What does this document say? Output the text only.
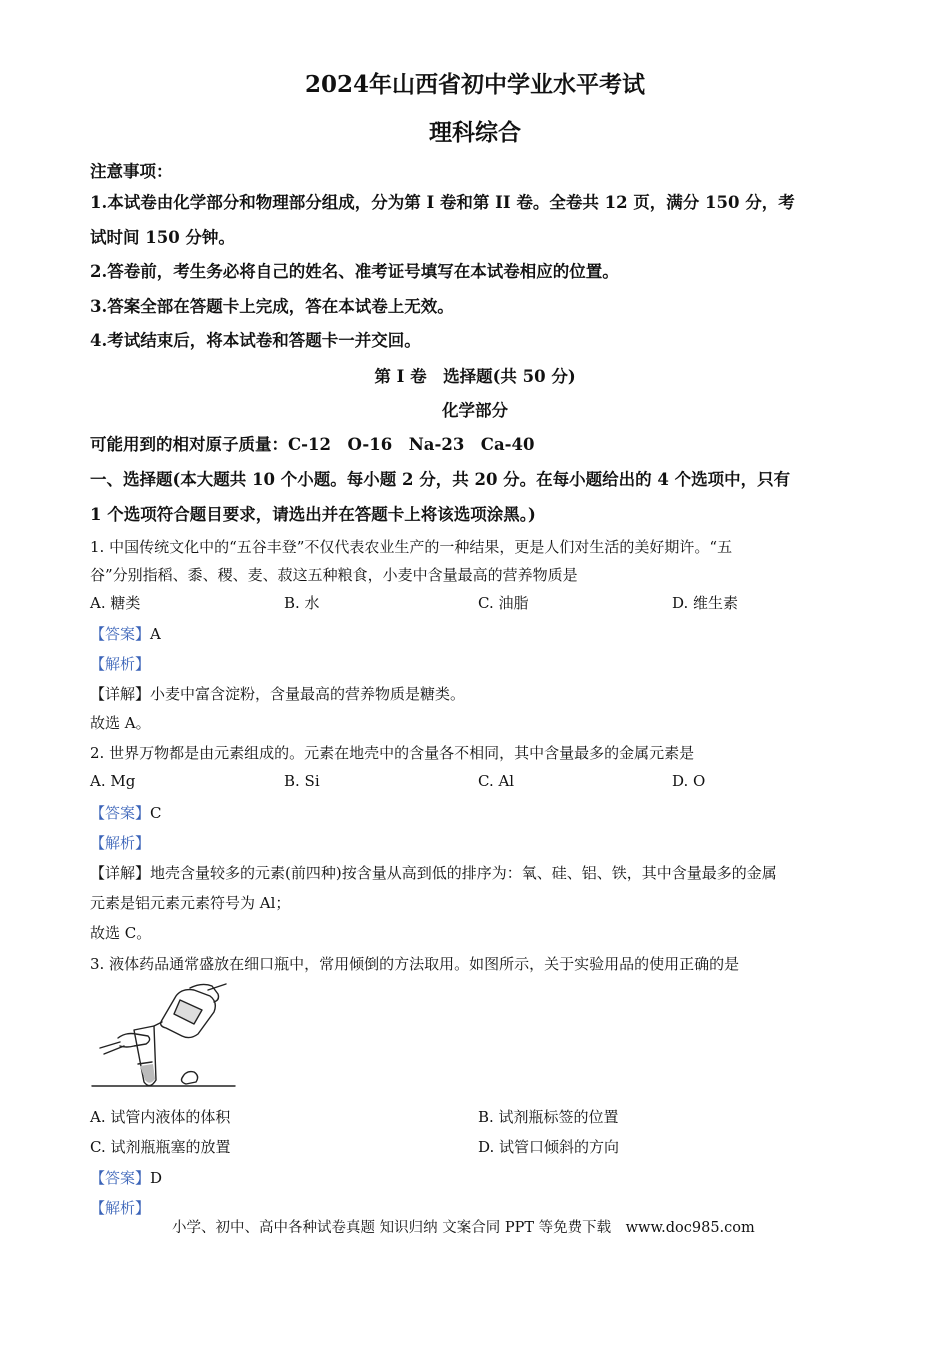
2024年山西省初中学业水平考试
理科综合
注意事项：
1.本试卷由化学部分和物理部分组成，分为第 I 卷和第 II 卷。全卷共 12 页，满分 150 分，考
试时间 150 分钟。
2.答卷前，考生务必将自己的姓名、准考证号填写在本试卷相应的位置。
3.答案全部在答题卡上完成，答在本试卷上无效。
4.考试结束后，将本试卷和答题卡一并交回。
第 I 卷　选择题(共 50 分)
化学部分
可能用到的相对原子质量：C-12　O-16　Na-23　Ca-40
一、选择题(本大题共 10 个小题。每小题 2 分，共 20 分。在每小题给出的 4 个选项中，只有
1 个选项符合题目要求，请选出并在答题卡上将该选项涂黑。)
1. 中国传统文化中的“五谷丰登”不仅代表农业生产的一种结果，更是人们对生活的美好期许。“五
谷”分别指稻、黍、稷、麦、菽这五种粮食，小麦中含量最高的营养物质是
A. 糖类	B. 水	C. 油脂	D. 维生素
【答案】A
【解析】
【详解】小麦中富含淀粉，含量最高的营养物质是糖类。
故选 A。
2. 世界万物都是由元素组成的。元素在地壳中的含量各不相同，其中含量最多的金属元素是
A. Mg	B. Si	C. Al	D. O
【答案】C
【解析】
【详解】地壳含量较多的元素(前四种)按含量从高到低的排序为：氧、硅、铝、铁，其中含量最多的金属
元素是铝元素元素符号为 Al；
故选 C。
3. 液体药品通常盛放在细口瓶中，常用倾倒的方法取用。如图所示，关于实验用品的使用正确的是
A. 试管内液体的体积	B. 试剂瓶标签的位置
C. 试剂瓶瓶塞的放置	D. 试管口倾斜的方向
【答案】D
【解析】
小学、初中、高中各种试卷真题 知识归纳 文案合同 PPT 等免费下载　www.doc985.com
